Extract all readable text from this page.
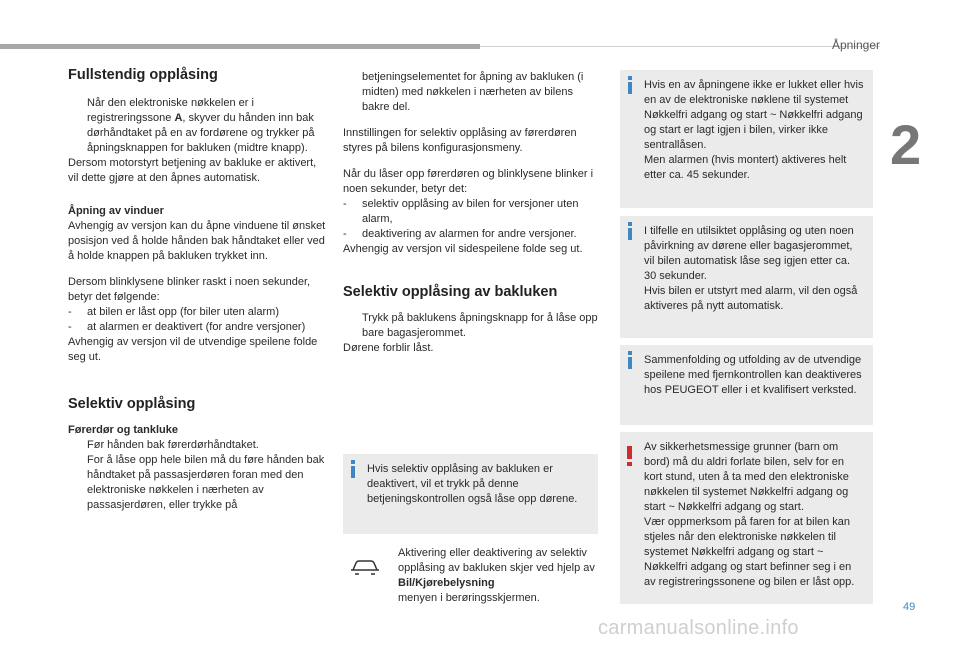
Åpninger
2
49
carmanualsonline.info

Fullstendig opplåsing

Når den elektroniske nøkkelen er i registreringssone A, skyver du hånden inn bak dørhåndtaket på en av fordørene og trykker på åpningsknappen for bakluken (midtre knapp).

Dersom motorstyrt betjening av bakluke er aktivert, vil dette gjøre at den åpnes automatisk.

Åpning av vinduer

Avhengig av versjon kan du åpne vinduene til ønsket posisjon ved å holde hånden bak håndtaket eller ved å holde knappen på bakluken trykket inn.

Dersom blinklysene blinker raskt i noen sekunder, betyr det følgende:

- at bilen er låst opp (for biler uten alarm)

- at alarmen er deaktivert (for andre versjoner)

Avhengig av versjon vil de utvendige speilene folde seg ut.

Selektiv opplåsing

Førerdør og tankluke

Før hånden bak førerdørhåndtaket.

For å låse opp hele bilen må du føre hånden bak håndtaket på passasjerdøren foran med den elektroniske nøkkelen i nærheten av passasjerdøren, eller trykke på

betjeningselementet for åpning av bakluken (i midten) med nøkkelen i nærheten av bilens bakre del.

Innstillingen for selektiv opplåsing av førerdøren styres på bilens konfigurasjonsmeny.

Når du låser opp førerdøren og blinklysene blinker i noen sekunder, betyr det:

- selektiv opplåsing av bilen for versjoner uten alarm,

- deaktivering av alarmen for andre versjoner.

Avhengig av versjon vil sidespeilene folde seg ut.

Selektiv opplåsing av bakluken

Trykk på baklukens åpningsknapp for å låse opp bare bagasjerommet.

Dørene forblir låst.

Hvis selektiv opplåsing av bakluken er deaktivert, vil et trykk på denne betjeningskontrollen også låse opp dørene.

Aktivering eller deaktivering av selektiv opplåsing av bakluken skjer ved hjelp av Bil/Kjørebelysning

menyen i berøringsskjermen.

Hvis en av åpningene ikke er lukket eller hvis en av de elektroniske nøklene til systemet Nøkkelfri adgang og start ~ Nøkkelfri adgang og start er lagt igjen i bilen, virker ikke sentrallåsen.

Men alarmen (hvis montert) aktiveres helt etter ca. 45 sekunder.

I tilfelle en utilsiktet opplåsing og uten noen påvirkning av dørene eller bagasjerommet, vil bilen automatisk låse seg igjen etter ca. 30 sekunder.

Hvis bilen er utstyrt med alarm, vil den også aktiveres på nytt automatisk.

Sammenfolding og utfolding av de utvendige speilene med fjernkontrollen kan deaktiveres hos PEUGEOT eller i et kvalifisert verksted.

Av sikkerhetsmessige grunner (barn om bord) må du aldri forlate bilen, selv for en kort stund, uten å ta med den elektroniske nøkkelen til systemet Nøkkelfri adgang og start ~ Nøkkelfri adgang og start.

Vær oppmerksom på faren for at bilen kan stjeles når den elektroniske nøkkelen til systemet Nøkkelfri adgang og start ~ Nøkkelfri adgang og start befinner seg i en av registreringssonene og bilen er låst opp.
